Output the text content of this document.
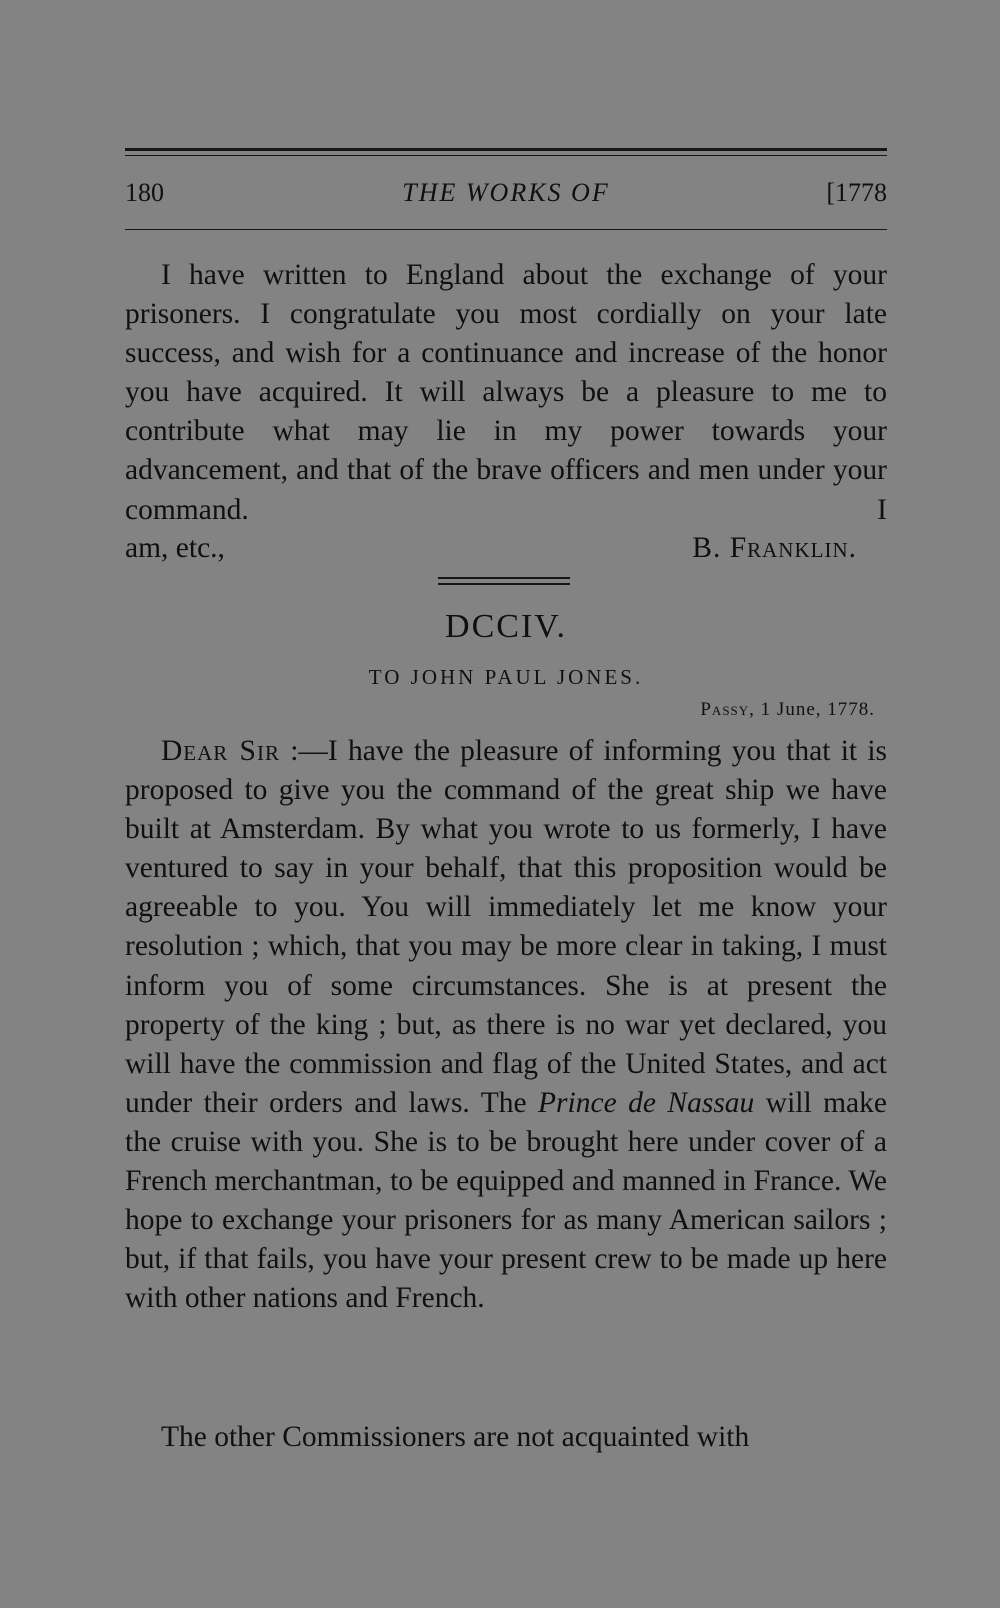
180	THE WORKS OF	[1778

I have written to England about the exchange of your prisoners. I congratulate you most cordially on your late success, and wish for a continuance and increase of the honor you have acquired. It will always be a pleasure to me to contribute what may lie in my power towards your advancement, and that of the brave officers and men under your command. I

am, etc.,	B. Franklin.
DCCIV.
TO JOHN PAUL JONES.
Passy, 1 June, 1778.

Dear Sir :—I have the pleasure of informing you that it is proposed to give you the command of the great ship we have built at Amsterdam. By what you wrote to us formerly, I have ventured to say in your behalf, that this proposition would be agreeable to you. You will immediately let me know your resolution ; which, that you may be more clear in taking, I must inform you of some circumstances. She is at present the property of the king ; but, as there is no war yet declared, you will have the commission and flag of the United States, and act under their orders and laws. The Prince de Nassau will make the cruise with you. She is to be brought here under cover of a French merchantman, to be equipped and manned in France. We hope to exchange your prisoners for as many American sailors ; but, if that fails, you have your present crew to be made up here with other nations and French.

The other Commissioners are not acquainted with
